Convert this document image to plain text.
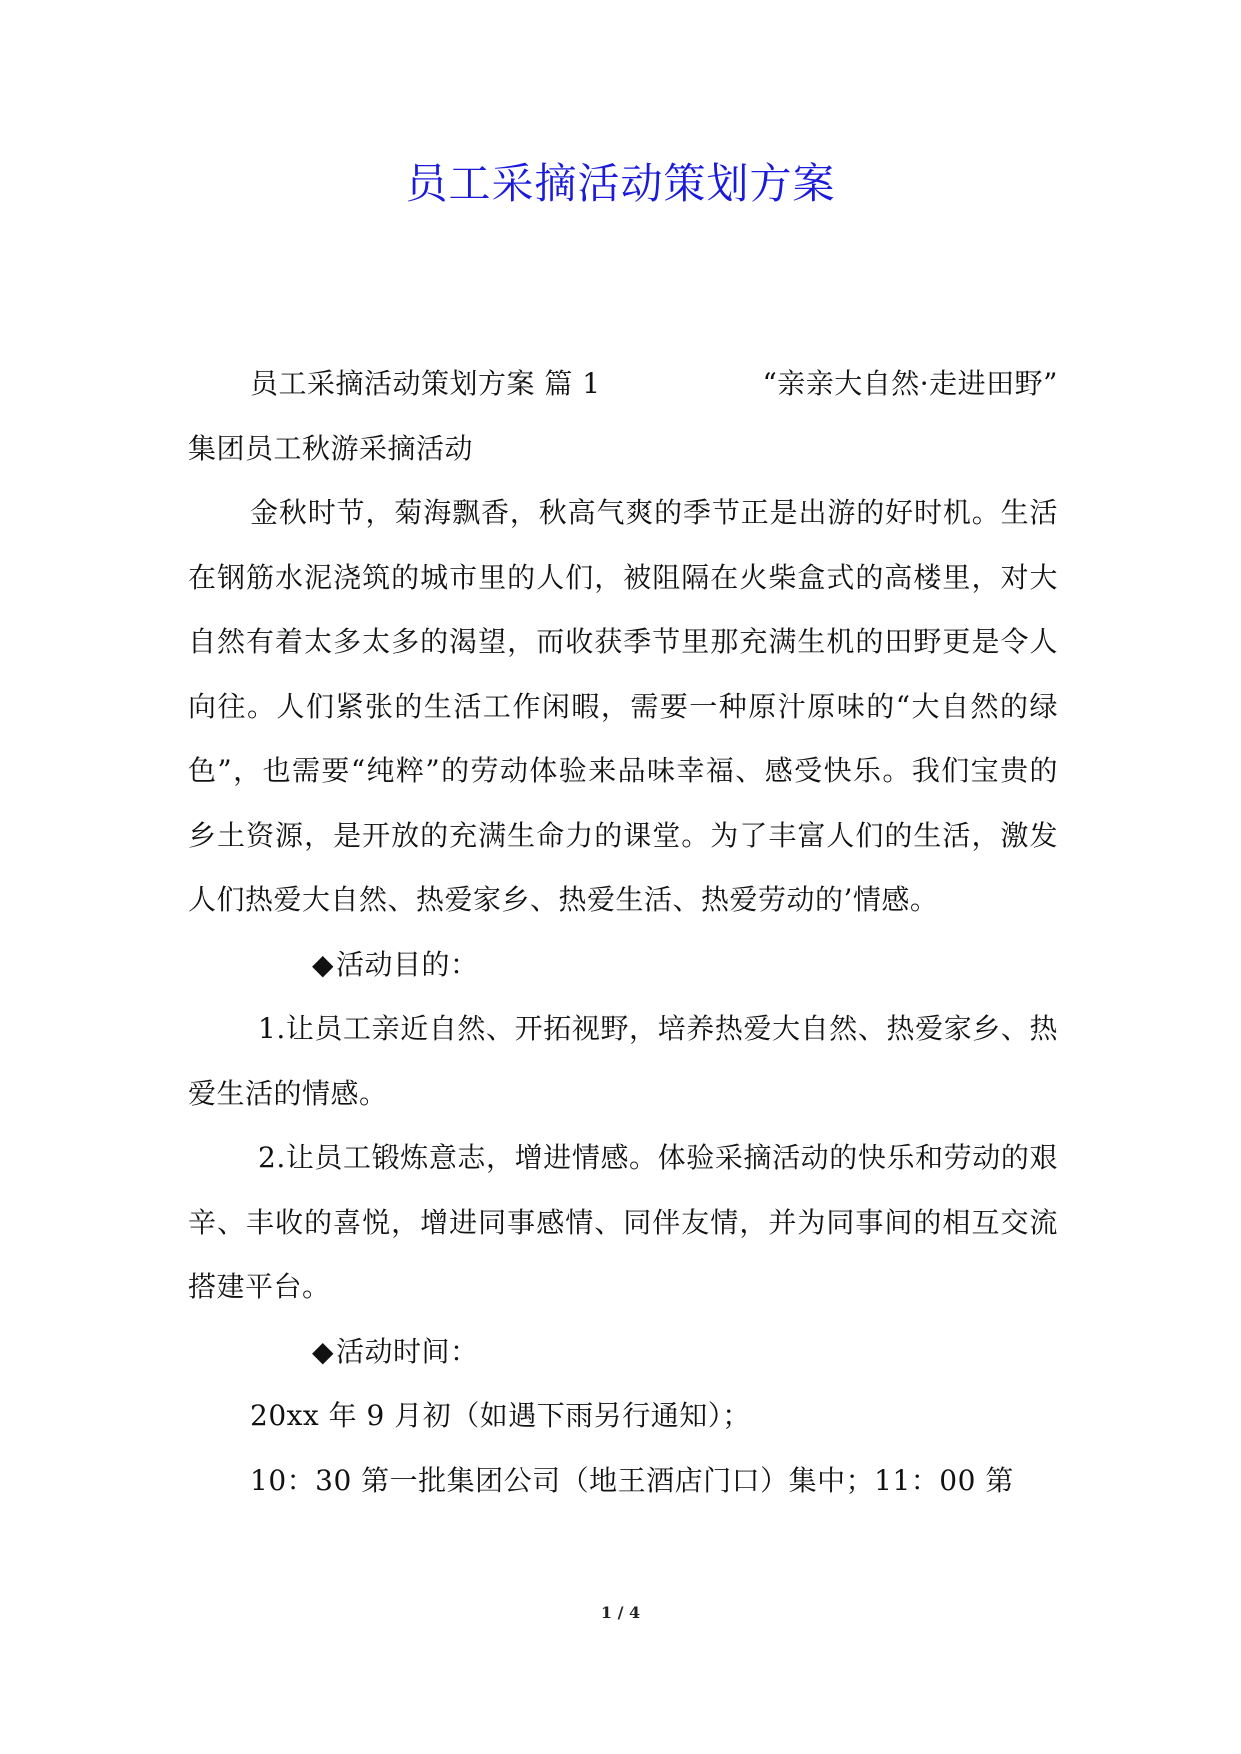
员工采摘活动策划方案
员工采摘活动策划方案 篇 1	“亲亲大自然·走进田野”

集团员工秋游采摘活动

金秋时节，菊海飘香，秋高气爽的季节正是出游的好时机。生活在钢筋水泥浇筑的城市里的人们，被阻隔在火柴盒式的高楼里，对大自然有着太多太多的渴望，而收获季节里那充满生机的田野更是令人向往。人们紧张的生活工作闲暇，需要一种原汁原味的“大自然的绿色”，也需要“纯粹”的劳动体验来品味幸福、感受快乐。我们宝贵的乡土资源，是开放的充满生命力的课堂。为了丰富人们的生活，激发人们热爱大自然、热爱家乡、热爱生活、热爱劳动的’情感。

◆活动目的：

1.让员工亲近自然、开拓视野，培养热爱大自然、热爱家乡、热爱生活的情感。

2.让员工锻炼意志，增进情感。体验采摘活动的快乐和劳动的艰辛、丰收的喜悦，增进同事感情、同伴友情，并为同事间的相互交流搭建平台。

◆活动时间：

20xx 年 9 月初（如遇下雨另行通知）；

10：30 第一批集团公司（地王酒店门口）集中；11：00 第

1 / 4
